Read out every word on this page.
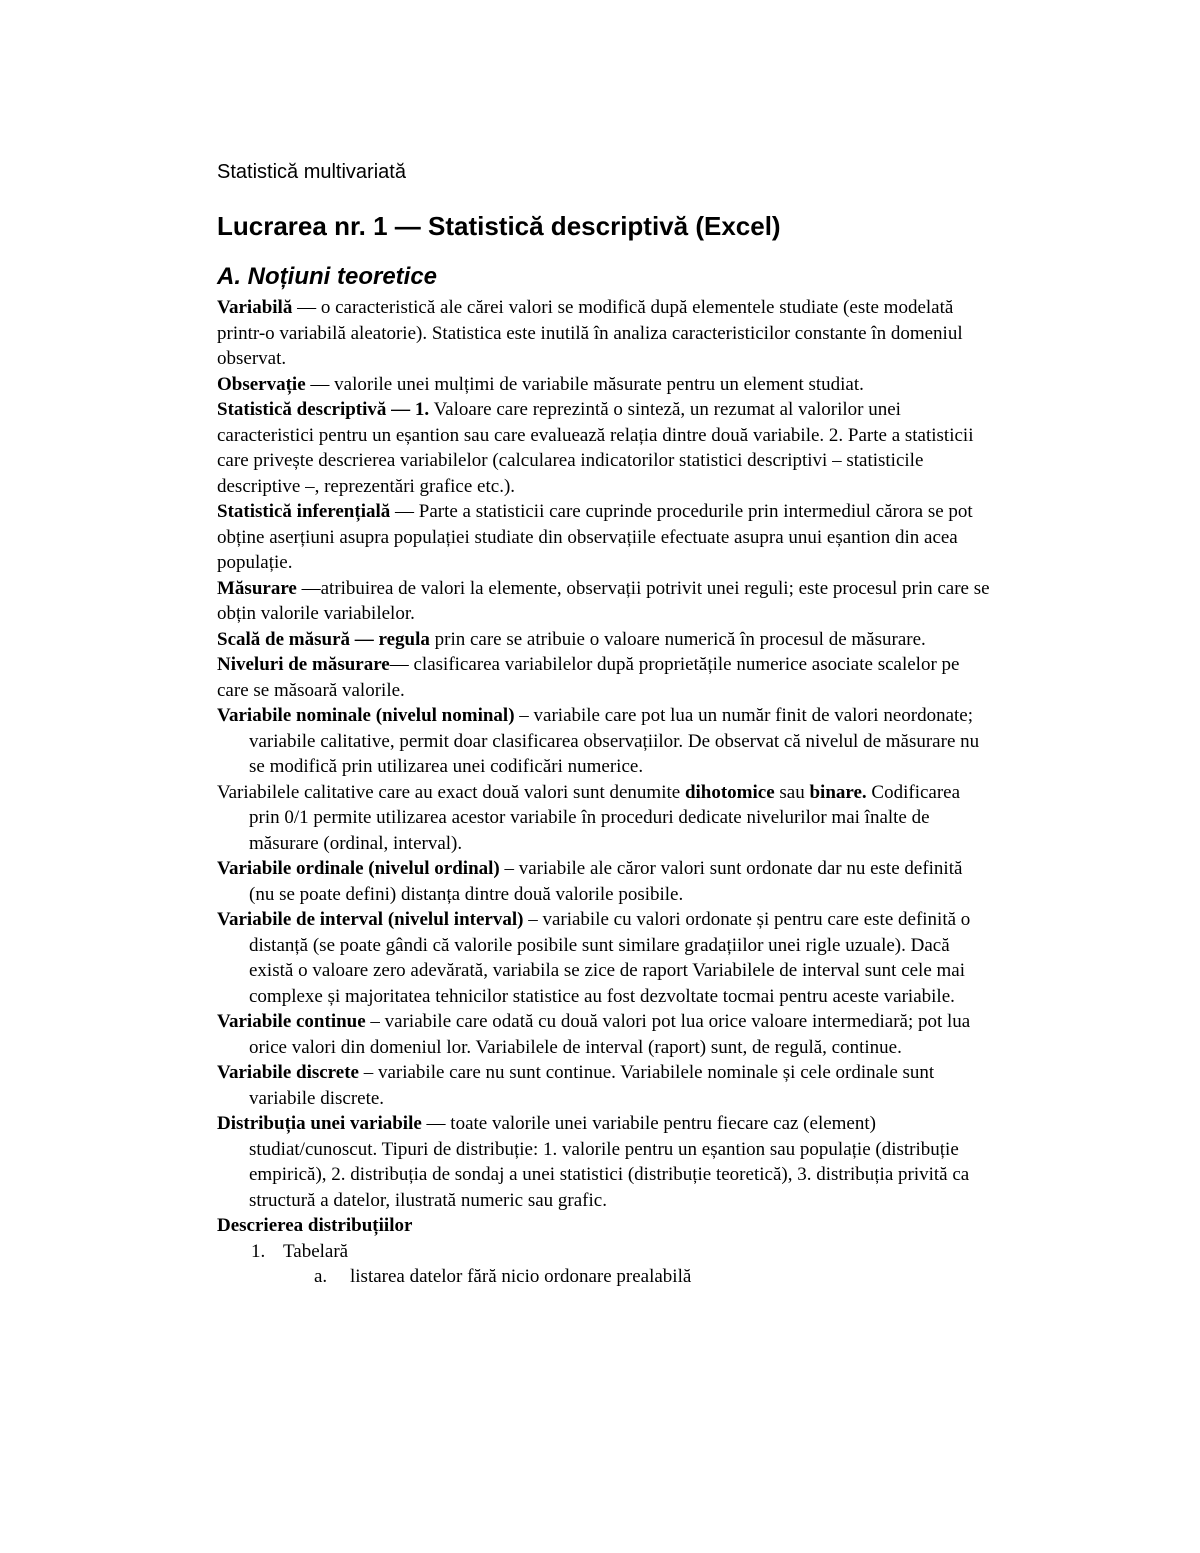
Statistică multivariată
Lucrarea nr. 1 — Statistică descriptivă (Excel)
A. Noțiuni teoretice

Variabilă — o caracteristică ale cărei valori se modifică după elementele studiate (este modelată printr-o variabilă aleatorie). Statistica este inutilă în analiza caracteristicilor constante în domeniul observat.

Observație — valorile unei mulțimi de variabile măsurate pentru un element studiat.

Statistică descriptivă — 1. Valoare care reprezintă o sinteză, un rezumat al valorilor unei caracteristici pentru un eșantion sau care evaluează relația dintre două variabile. 2. Parte a statisticii care privește descrierea variabilelor (calcularea indicatorilor statistici descriptivi – statisticile descriptive –, reprezentări grafice etc.).

Statistică inferențială — Parte a statisticii care cuprinde procedurile prin intermediul cărora se pot obține aserțiuni asupra populației studiate din observațiile efectuate asupra unui eșantion din acea populație.

Măsurare —atribuirea de valori la elemente, observații potrivit unei reguli; este procesul prin care se obțin valorile variabilelor.

Scală de măsură — regula prin care se atribuie o valoare numerică în procesul de măsurare.

Niveluri de măsurare— clasificarea variabilelor după proprietățile numerice asociate scalelor pe care se măsoară valorile.

Variabile nominale (nivelul nominal) – variabile care pot lua un număr finit de valori neordonate; variabile calitative, permit doar clasificarea observațiilor. De observat că nivelul de măsurare nu se modifică prin utilizarea unei codificări numerice.

Variabilele calitative care au exact două valori sunt denumite dihotomice sau binare. Codificarea prin 0/1 permite utilizarea acestor variabile în proceduri dedicate nivelurilor mai înalte de măsurare (ordinal, interval).

Variabile ordinale (nivelul ordinal) – variabile ale căror valori sunt ordonate dar nu este definită (nu se poate defini) distanța dintre două valorile posibile.

Variabile de interval (nivelul interval) – variabile cu valori ordonate și pentru care este definită o distanță (se poate gândi că valorile posibile sunt similare gradațiilor unei rigle uzuale). Dacă există o valoare zero adevărată, variabila se zice de raport Variabilele de interval sunt cele mai complexe și majoritatea tehnicilor statistice au fost dezvoltate tocmai pentru aceste variabile.

Variabile continue – variabile care odată cu două valori pot lua orice valoare intermediară; pot lua orice valori din domeniul lor. Variabilele de interval (raport) sunt, de regulă, continue.

Variabile discrete – variabile care nu sunt continue. Variabilele nominale și cele ordinale sunt variabile discrete.

Distribuția unei variabile — toate valorile unei variabile pentru fiecare caz (element) studiat/cunoscut. Tipuri de distribuție: 1. valorile pentru un eșantion sau populație (distribuție empirică), 2. distribuția de sondaj a unei statistici (distribuție teoretică), 3. distribuția privită ca structură a datelor, ilustrată numeric sau grafic.

Descrierea distribuțiilor

1. Tabelară
a. listarea datelor fără nicio ordonare prealabilă
